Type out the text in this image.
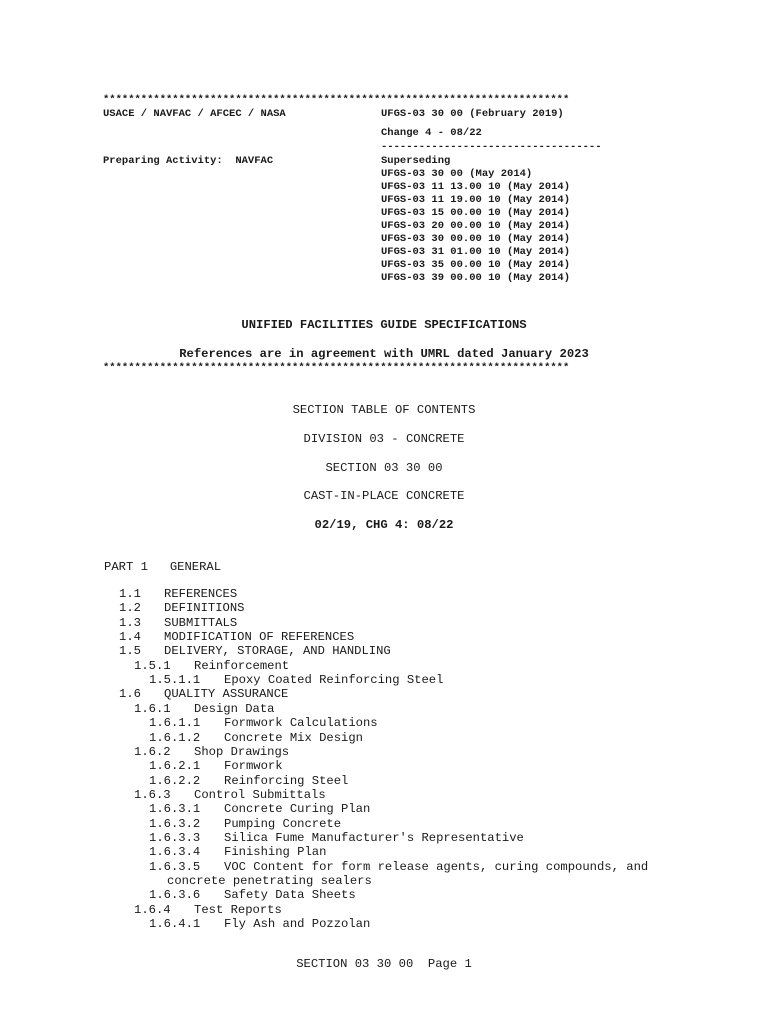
**************************************************************************
USACE / NAVFAC / AFCEC / NASA	UFGS-03 30 00 (February 2019)
Change 4 - 08/22
-----------------------------------
Preparing Activity:  NAVFAC	Superseding
UFGS-03 30 00 (May 2014)
UFGS-03 11 13.00 10 (May 2014)
UFGS-03 11 19.00 10 (May 2014)
UFGS-03 15 00.00 10 (May 2014)
UFGS-03 20 00.00 10 (May 2014)
UFGS-03 30 00.00 10 (May 2014)
UFGS-03 31 01.00 10 (May 2014)
UFGS-03 35 00.00 10 (May 2014)
UFGS-03 39 00.00 10 (May 2014)
UNIFIED FACILITIES GUIDE SPECIFICATIONS
References are in agreement with UMRL dated January 2023
**************************************************************************
SECTION TABLE OF CONTENTS
DIVISION 03 - CONCRETE
SECTION 03 30 00
CAST-IN-PLACE CONCRETE
02/19, CHG 4: 08/22
PART 1   GENERAL
1.1 REFERENCES
1.2 DEFINITIONS
1.3 SUBMITTALS
1.4 MODIFICATION OF REFERENCES
1.5 DELIVERY, STORAGE, AND HANDLING
1.5.1 Reinforcement
1.5.1.1 Epoxy Coated Reinforcing Steel
1.6 QUALITY ASSURANCE
1.6.1 Design Data
1.6.1.1 Formwork Calculations
1.6.1.2 Concrete Mix Design
1.6.2 Shop Drawings
1.6.2.1 Formwork
1.6.2.2 Reinforcing Steel
1.6.3 Control Submittals
1.6.3.1 Concrete Curing Plan
1.6.3.2 Pumping Concrete
1.6.3.3 Silica Fume Manufacturer's Representative
1.6.3.4 Finishing Plan
1.6.3.5 VOC Content for form release agents, curing compounds, and
concrete penetrating sealers
1.6.3.6 Safety Data Sheets
1.6.4 Test Reports
1.6.4.1 Fly Ash and Pozzolan
SECTION 03 30 00  Page 1
